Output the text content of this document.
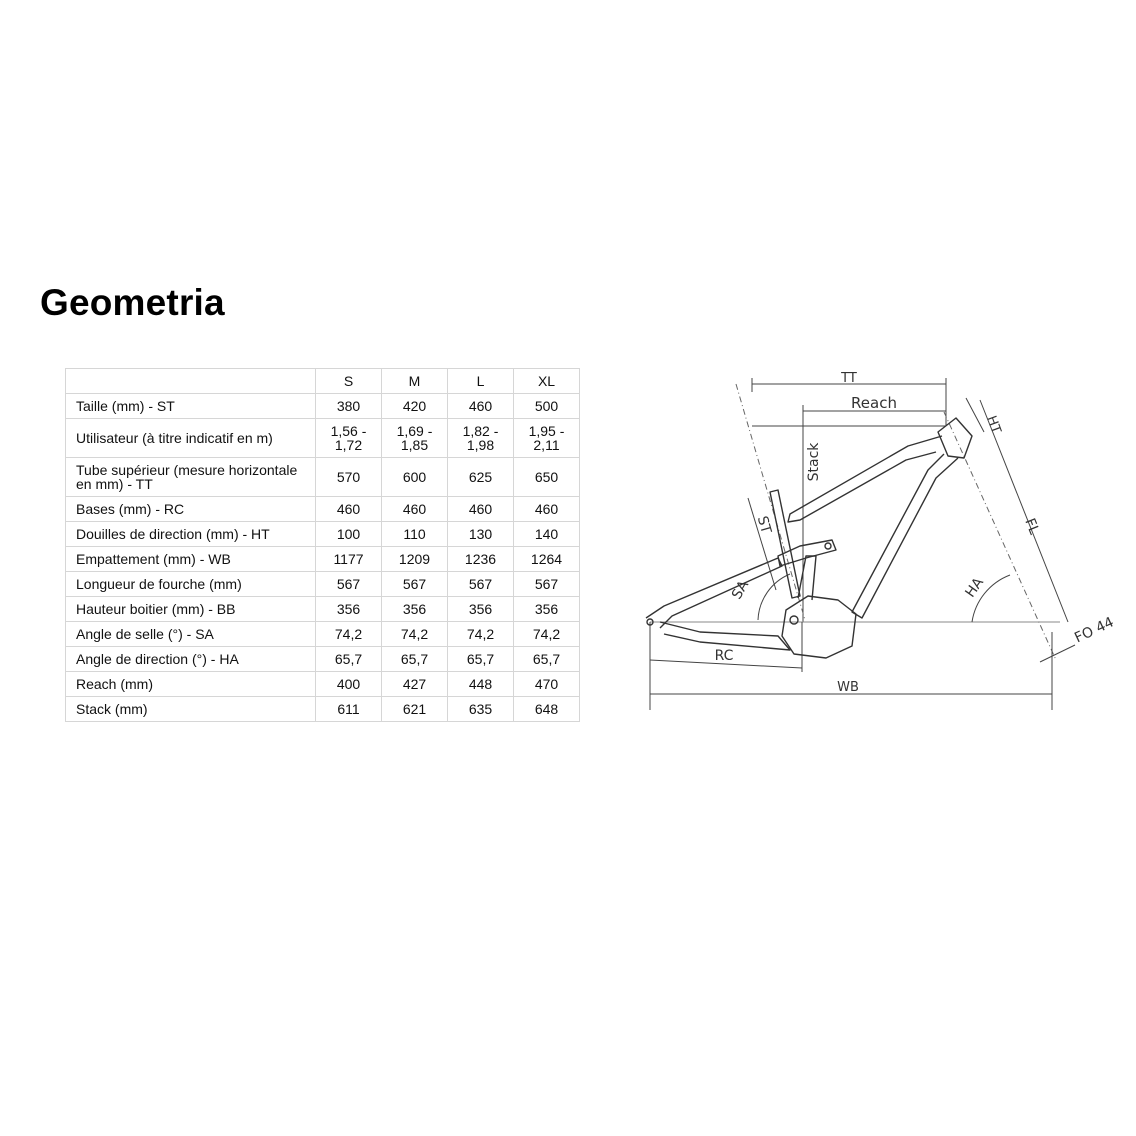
Geometria
	S	M	L	XL
Taille (mm) - ST	380	420	460	500
Utilisateur (à titre indicatif en m)	1,56 - 1,72	1,69 - 1,85	1,82 - 1,98	1,95 - 2,11
Tube supérieur (mesure horizontale en mm) - TT	570	600	625	650
Bases (mm) - RC	460	460	460	460
Douilles de direction (mm) - HT	100	110	130	140
Empattement (mm) - WB	1177	1209	1236	1264
Longueur de fourche (mm)	567	567	567	567
Hauteur boitier (mm) - BB	356	356	356	356
Angle de selle (°) - SA	74,2	74,2	74,2	74,2
Angle de direction (°) - HA	65,7	65,7	65,7	65,7
Reach (mm)	400	427	448	470
Stack (mm)	611	621	635	648
TT
Reach
Stack
HT
ST
SA	HA
FL
FO 44
RC
WB
